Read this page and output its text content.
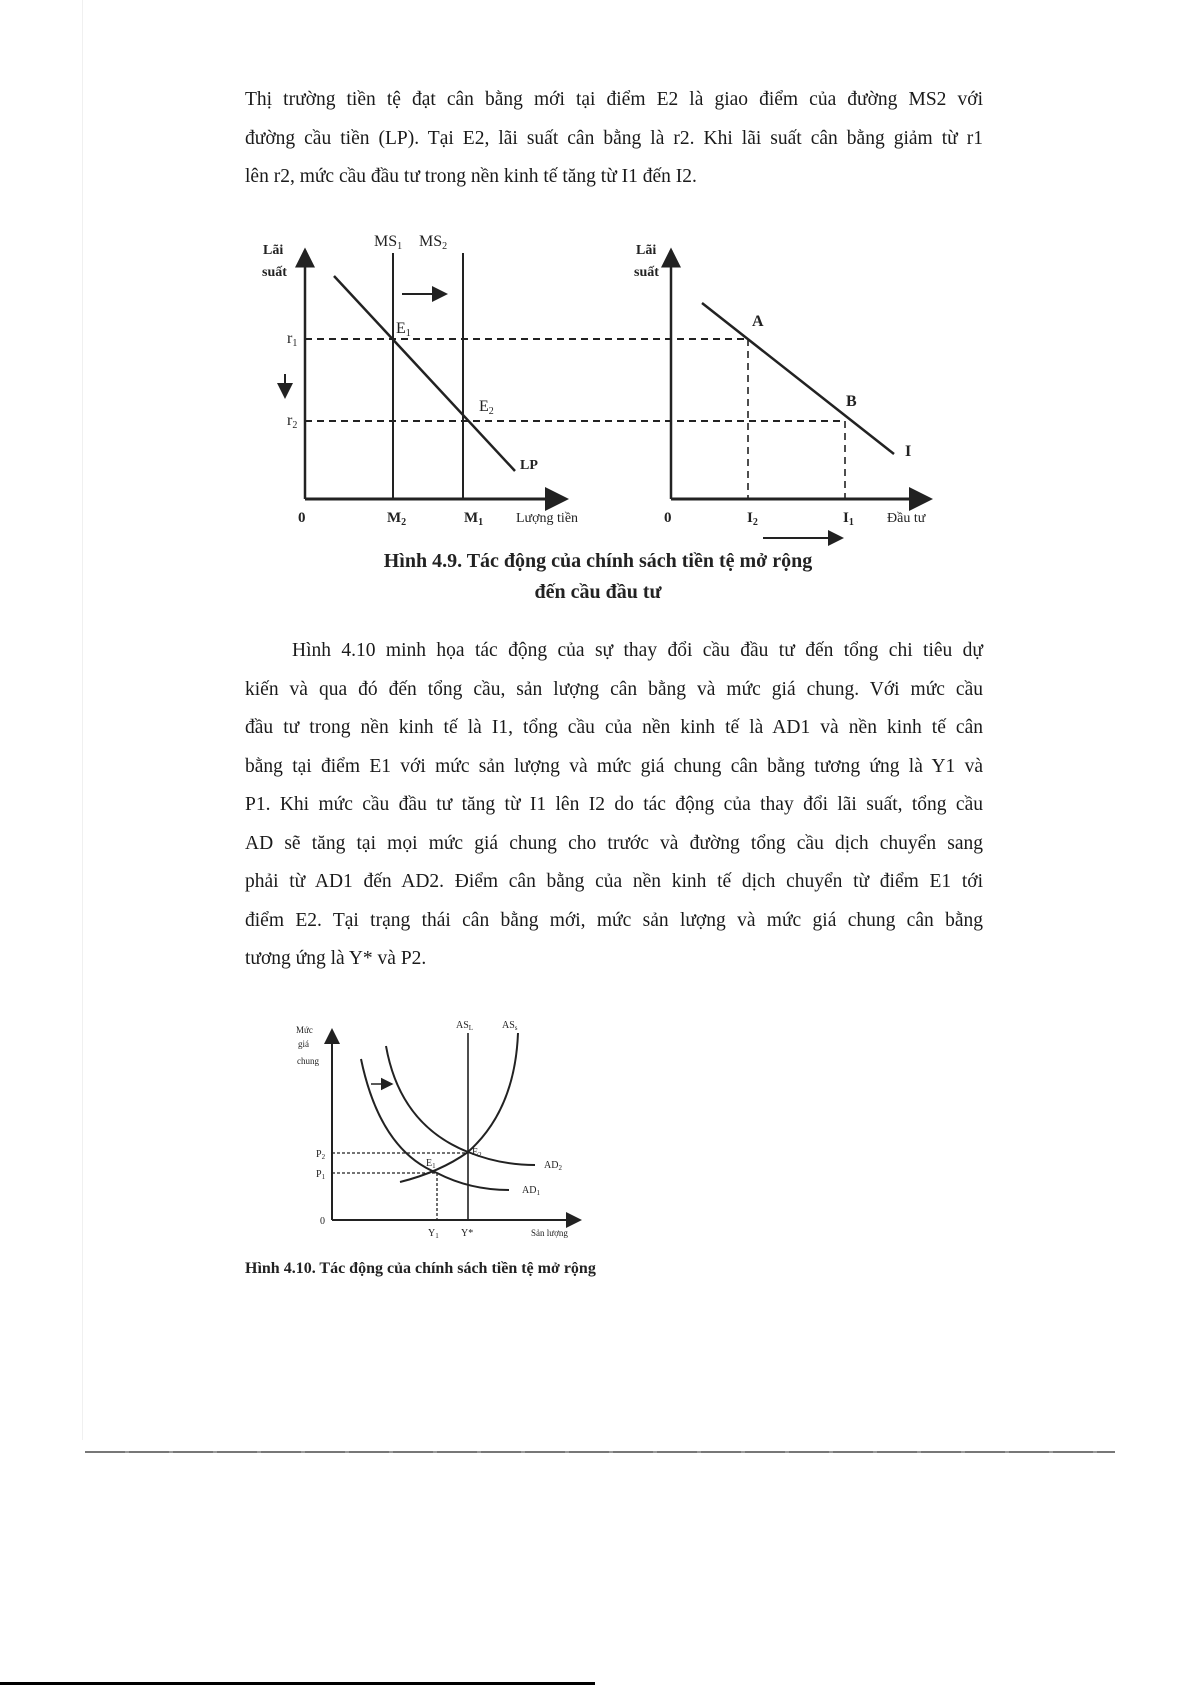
Thị trường tiền tệ đạt cân bằng mới tại điểm E2 là giao điểm của đường MS2 với
đường cầu tiền (LP). Tại E2, lãi suất cân bằng là r2. Khi lãi suất cân bằng giảm từ r1
lên r2, mức cầu đầu tư trong nền kinh tế tăng từ I1 đến I2.
Lãi
suất
MS1 MS2
E1
E2
r1
r2
LP
0	$M_2$	$M_1$ Lượng tiền
Lãi
suất
A
B
I
0	$I_2$	$I_1$ Đầu tư
Hình 4.9. Tác động của chính sách tiền tệ mở rộng
đến cầu đầu tư
Mức
giá
chung
$AS_L$	$AS_s$
$P_2$
$P_1$
$E_1$
$E_2$
$AD_2$
$AD_1$
0
$Y_1$ Y*	Sản lượng
Hình 4.10. Tác động của chính sách tiền tệ mở rộng
Hình 4.10 minh họa tác động của sự thay đổi cầu đầu tư đến tổng chi tiêu dự
kiến và qua đó đến tổng cầu, sản lượng cân bằng và mức giá chung. Với mức cầu
đầu tư trong nền kinh tế là I1, tổng cầu của nền kinh tế là AD1 và nền kinh tế cân
bằng tại điểm E1 với mức sản lượng và mức giá chung cân bằng tương ứng là Y1 và
P1. Khi mức cầu đầu tư tăng từ I1 lên I2 do tác động của thay đổi lãi suất, tổng cầu
AD sẽ tăng tại mọi mức giá chung cho trước và đường tổng cầu dịch chuyển sang
phải từ AD1 đến AD2. Điểm cân bằng của nền kinh tế dịch chuyển từ điểm E1 tới
điểm E2. Tại trạng thái cân bằng mới, mức sản lượng và mức giá chung cân bằng
tương ứng là Y* và P2.
